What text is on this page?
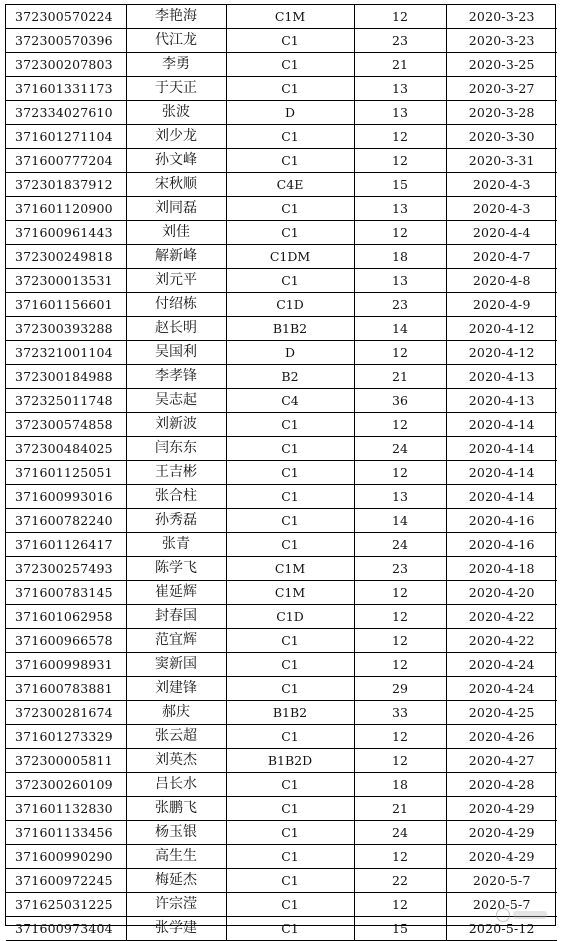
372300570224	李艳海	C1M	12	2020-3-23
372300570396	代江龙	C1	23	2020-3-23
372300207803	李勇	C1	21	2020-3-25
371601331173	于天正	C1	13	2020-3-27
372334027610	张波	D	13	2020-3-28
371601271104	刘少龙	C1	12	2020-3-30
371600777204	孙文峰	C1	12	2020-3-31
372301837912	宋秋顺	C4E	15	2020-4-3
371601120900	刘同磊	C1	13	2020-4-3
371600961443	刘佳	C1	12	2020-4-4
372300249818	解新峰	C1DM	18	2020-4-7
372300013531	刘元平	C1	13	2020-4-8
371601156601	付绍栋	C1D	23	2020-4-9
372300393288	赵长明	B1B2	14	2020-4-12
372321001104	吴国利	D	12	2020-4-12
372300184988	李孝锋	B2	21	2020-4-13
372325011748	吴志起	C4	36	2020-4-13
372300574858	刘新波	C1	12	2020-4-14
372300484025	闫东东	C1	24	2020-4-14
371601125051	王吉彬	C1	12	2020-4-14
371600993016	张合柱	C1	13	2020-4-14
371600782240	孙秀磊	C1	14	2020-4-16
371601126417	张青	C1	24	2020-4-16
372300257493	陈学飞	C1M	23	2020-4-18
371600783145	崔延辉	C1M	12	2020-4-20
371601062958	封春国	C1D	12	2020-4-22
371600966578	范宜辉	C1	12	2020-4-22
371600998931	窦新国	C1	12	2020-4-24
371600783881	刘建锋	C1	29	2020-4-24
372300281674	郝庆	B1B2	33	2020-4-25
371601273329	张云超	C1	12	2020-4-26
372300005811	刘英杰	B1B2D	12	2020-4-27
372300260109	吕长水	C1	18	2020-4-28
371601132830	张鹏飞	C1	21	2020-4-29
371601133456	杨玉银	C1	24	2020-4-29
371600990290	高生生	C1	12	2020-4-29
371600972245	梅延杰	C1	22	2020-5-7
371625031225	许宗滢	C1	12	2020-5-7
371600973404	张学建	C1	15	2020-5-12
